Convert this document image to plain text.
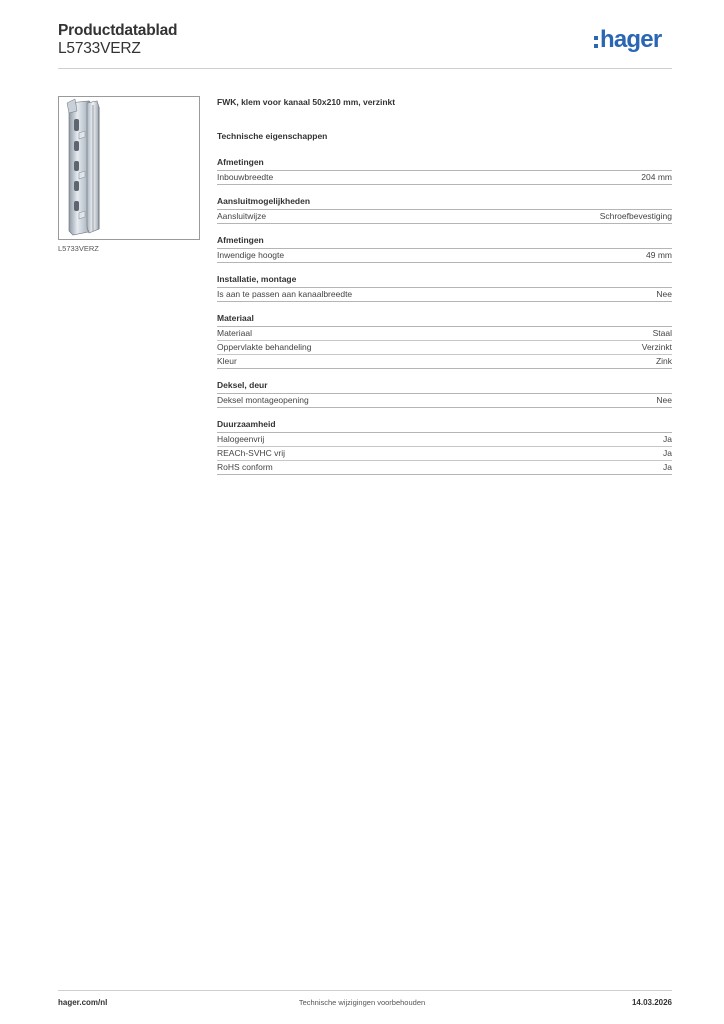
Productdatablad
L5733VERZ	hager
L5733VERZ
FWK, klem voor kanaal 50x210 mm, verzinkt
Technische eigenschappen
Afmetingen
Inbouwbreedte	204 mm
Aansluitmogelijkheden
Aansluitwijze	Schroefbevestiging
Afmetingen
Inwendige hoogte	49 mm
Installatie, montage
Is aan te passen aan kanaalbreedte	Nee
Materiaal
Materiaal	Staal
Oppervlakte behandeling	Verzinkt
Kleur	Zink
Deksel, deur
Deksel montageopening	Nee
Duurzaamheid
Halogeenvrij	Ja
REACh-SVHC vrij	Ja
RoHS conform	Ja
hager.com/nl	Technische wijzigingen voorbehouden	14.03.2026
